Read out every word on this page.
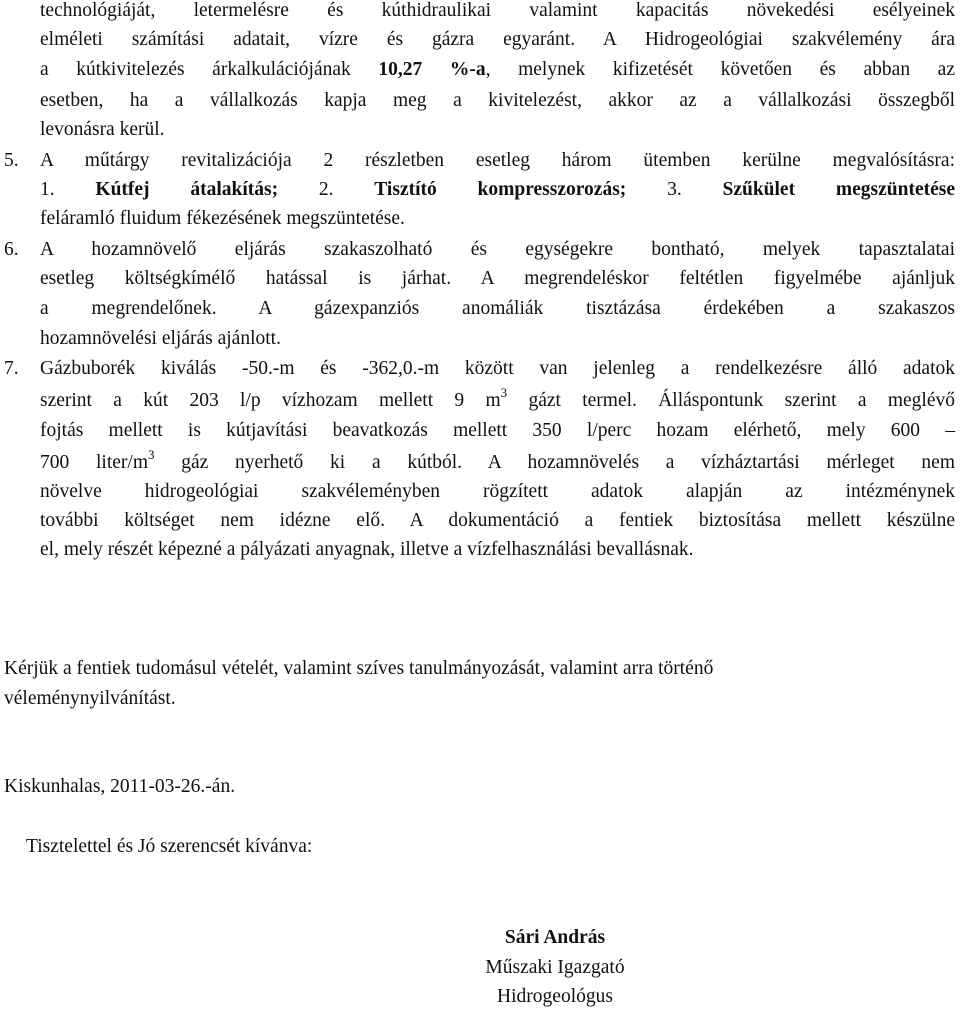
technológiáját, letermelésre és kúthidraulikai valamint kapacitás növekedési esélyeinek
elméleti számítási adatait, vízre és gázra egyaránt. A Hidrogeológiai szakvélemény ára
a kútkivitelezés árkalkulációjának 10,27 %-a, melynek kifizetését követően és abban az
esetben, ha a vállalkozás kapja meg a kivitelezést, akkor az a vállalkozási összegből
levonásra kerül.
5. A műtárgy revitalizációja 2 részletben esetleg három ütemben kerülne megvalósításra:
1. Kútfej átalakítás; 2. Tisztító kompresszorozás; 3. Szűkület megszüntetése
feláramló fluidum fékezésének megszüntetése.
6. A hozamnövelő eljárás szakaszolható és egységekre bontható, melyek tapasztalatai
esetleg költségkímélő hatással is járhat. A megrendeléskor feltétlen figyelmébe ajánljuk
a megrendelőnek. A gázexpanziós anomáliák tisztázása érdekében a szakaszos
hozamnövelési eljárás ajánlott.
7. Gázbuborék kiválás -50.-m és -362,0.-m között van jelenleg a rendelkezésre álló adatok
szerint a kút 203 l/p vízhozam mellett 9 $m^3$ gázt termel. Álláspontunk szerint a meglévő
fojtás mellett is kútjavítási beavatkozás mellett 350 l/perc hozam elérhető, mely 600 –
700 liter/$m^3$ gáz nyerhető ki a kútból. A hozamnövelés a vízháztartási mérleget nem
növelve hidrogeológiai szakvéleményben rögzített adatok alapján az intézménynek
további költséget nem idézne elő. A dokumentáció a fentiek biztosítása mellett készülne
el, mely részét képezné a pályázati anyagnak, illetve a vízfelhasználási bevallásnak.
Kérjük a fentiek tudomásul vételét, valamint szíves tanulmányozását, valamint arra történő
véleménynyilvánítást.
Kiskunhalas, 2011-03-26.-án.
Tisztelettel és Jó szerencsét kívánva:
Sári András
Műszaki Igazgató
Hidrogeológus
